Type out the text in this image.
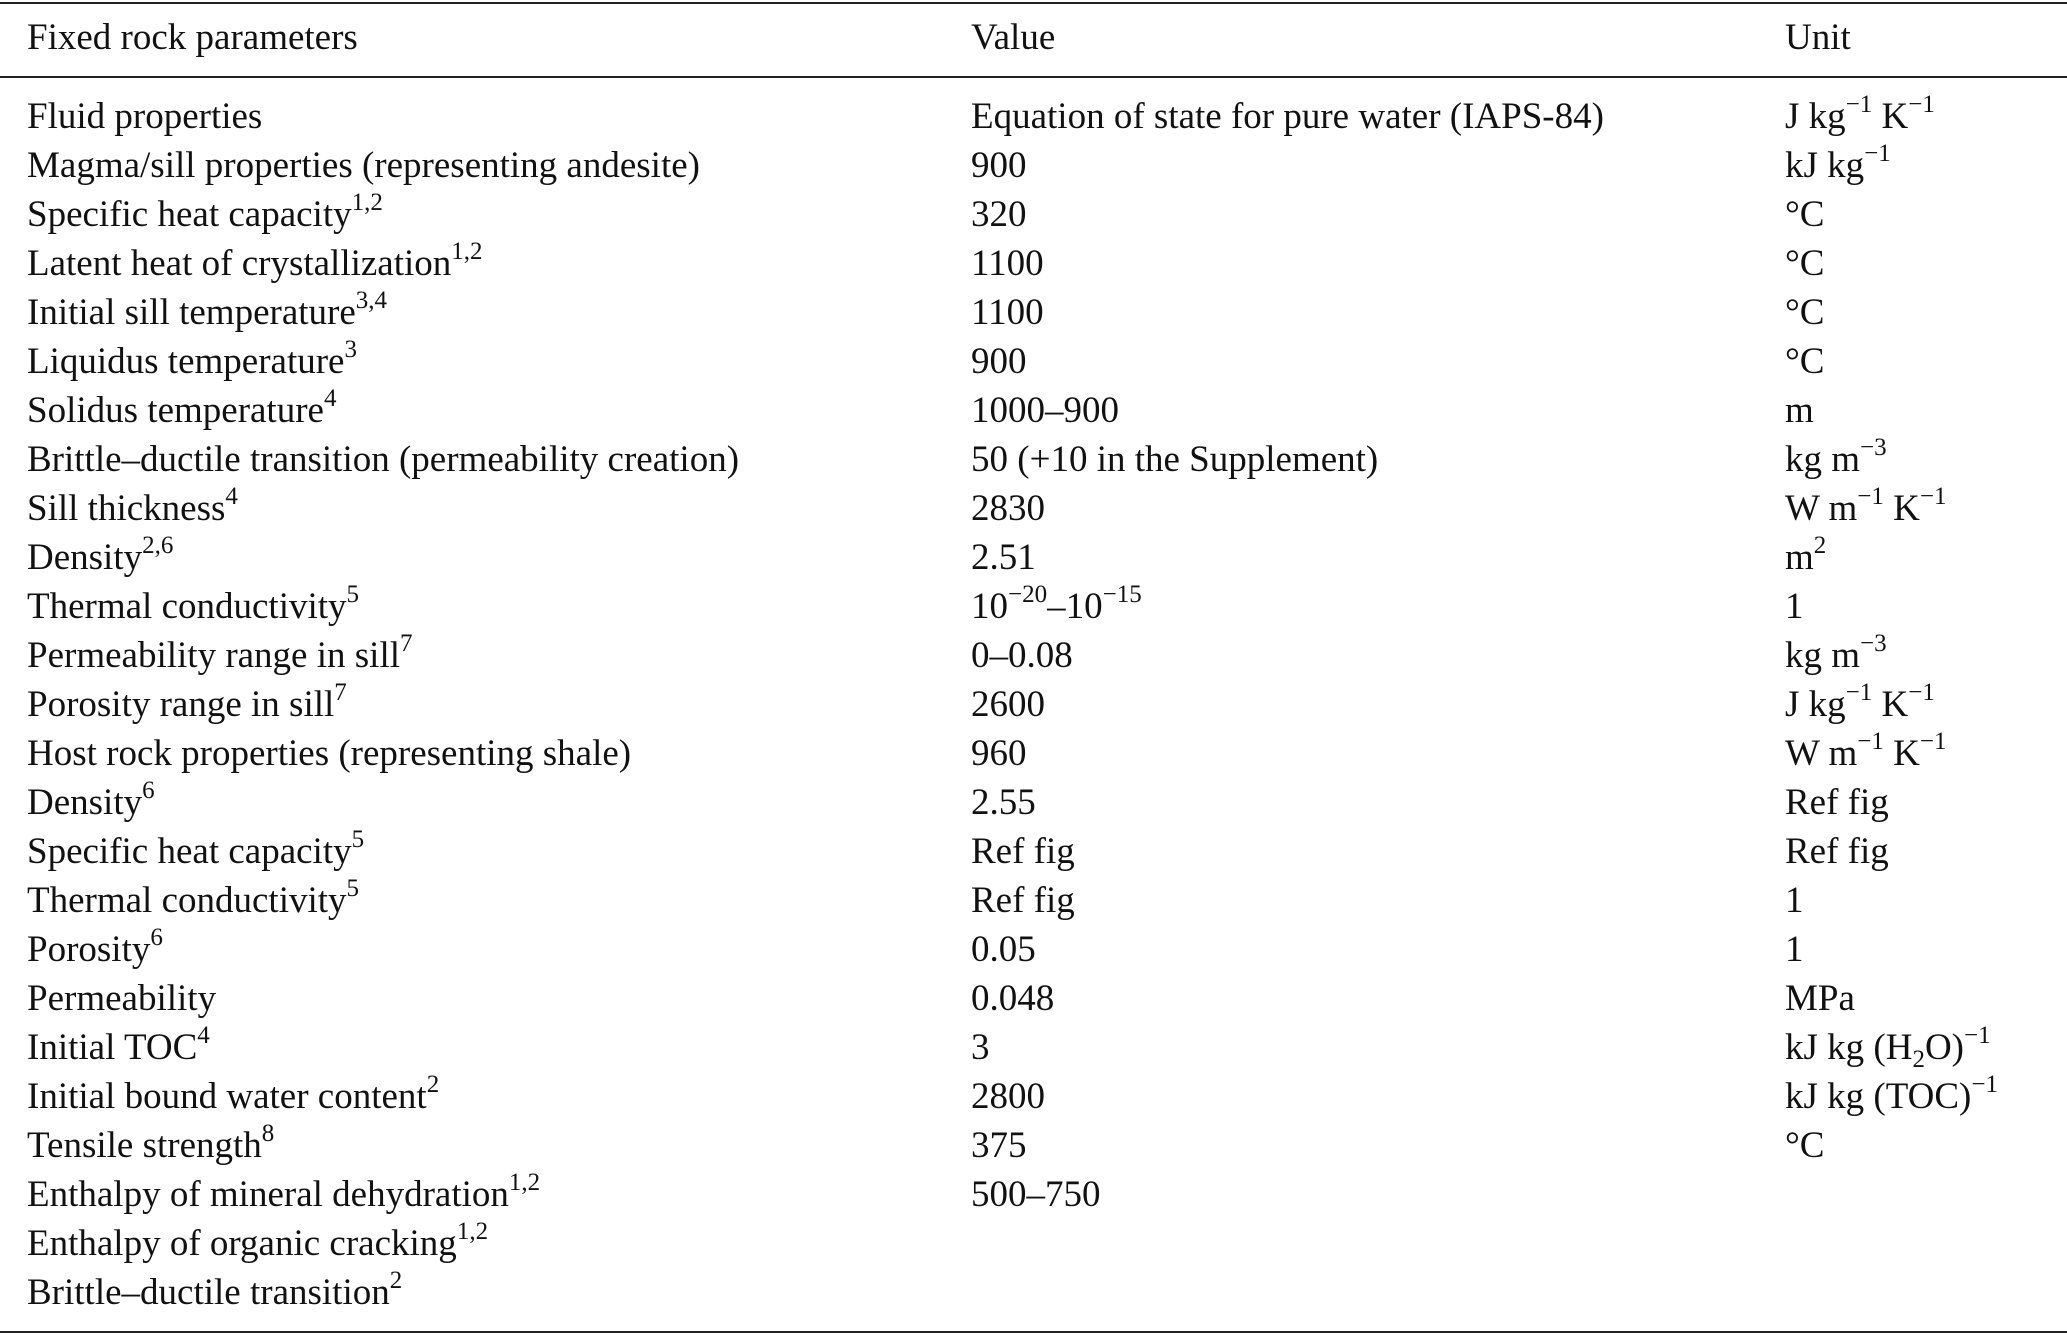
Fixed rock parameters	Value	Unit
Fluid properties	Equation of state for pure water (IAPS-84)	J $kg^{-1}$ $K^{-1}$
Magma/sill properties (representing andesite)	900	kJ $kg^{-1}$
Specific heat capacity$^{1,2}$	320	°C
Latent heat of crystallization$^{1,2}$	1100	°C
Initial sill temperature$^{3,4}$	1100	°C
Liquidus temperature$^3$	900	°C
Solidus temperature$^4$	1000–900	m
Brittle–ductile transition (permeability creation)	50 (+10 in the Supplement)	kg $m^{-3}$
Sill thickness$^4$	2830	W $m^{-1}$ $K^{-1}$
Density$^{2,6}$	2.51	$m^2$
Thermal conductivity$^5$	$10^{-20}-10^{-15}$	1
Permeability range in sill$^7$	0–0.08	kg $m^{-3}$
Porosity range in sill$^7$	2600	J $kg^{-1}$ $K^{-1}$
Host rock properties (representing shale)	960	W $m^{-1}$ $K^{-1}$
Density$^6$	2.55	Ref fig
Specific heat capacity$^5$	Ref fig	Ref fig
Thermal conductivity$^5$	Ref fig	1
Porosity$^6$	0.05	1
Permeability	0.048	MPa
Initial TOC$^4$	3	kJ kg $(H_2O)^{-1}$
Initial bound water content$^2$	2800	kJ kg (TOC)$^{-1}$
Tensile strength$^8$	375	°C
Enthalpy of mineral dehydration$^{1,2}$	500–750
Enthalpy of organic cracking$^{1,2}$
Brittle–ductile transition$^2$
